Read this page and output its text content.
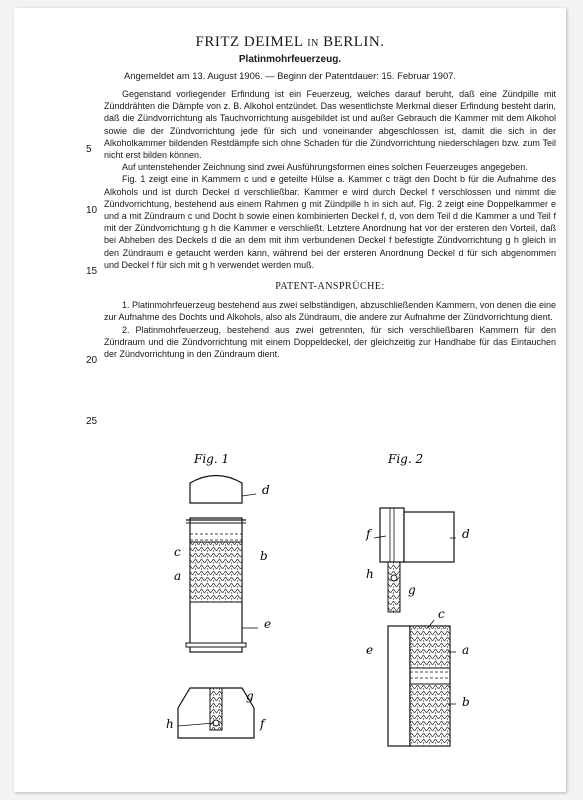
FRITZ DEIMEL IN BERLIN.
Platinmohrfeuerzeug.
Angemeldet am 13. August 1906. — Beginn der Patentdauer: 15. Februar 1907.
5
10
15
20
25

Gegenstand vorliegender Erfindung ist ein Feuerzeug, welches darauf beruht, daß eine Zündpille mit Zünddrähten die Dämpfe von z. B. Alkohol entzündet. Das wesentlichste Merkmal dieser Erfindung besteht darin, daß die Zündvorrichtung als Tauchvorrichtung ausgebildet ist und außer Gebrauch die Kammer mit dem Alkohol sowie die der Zündvorrichtung jede für sich und voneinander abgeschlossen ist, damit die sich in der Alkoholkammer bildenden Restdämpfe sich ohne Schaden für die Zündvorrichtung niederschlagen bzw. zum Teil nicht erst bilden können.

Auf untenstehender Zeichnung sind zwei Ausführungsformen eines solchen Feuerzeuges angegeben.

Fig. 1 zeigt eine in Kammern c und e geteilte Hülse a. Kammer c trägt den Docht b für die Aufnahme des Alkohols und ist durch Deckel d verschließbar. Kammer e wird durch Deckel f verschlossen und nimmt die Zündvorrichtung, bestehend aus einem Rahmen g mit Zündpille h in sich auf. Fig. 2 zeigt eine Doppelkammer e und a mit Zündraum c und Docht b sowie einen kombinierten Deckel f, d, von dem Teil d die Kammer a und Teil f mit der Zündvorrichtung g h die Kammer e verschließt. Letztere Anordnung hat vor der ersteren den Vorteil, daß bei Abheben des Deckels d die an dem mit ihm verbundenen Deckel f befestigte Zündvorrichtung g h gleich in den Zündraum e getaucht werden kann, während bei der ersteren Anordnung Deckel d für sich abgenommen und Deckel f für sich mit g h verwendet werden muß.

PATENT-ANSPRÜCHE:

1. Platinmohrfeuerzeug bestehend aus zwei selbständigen, abzuschließenden Kammern, von denen die eine zur Aufnahme des Dochts und Alkohols, also als Zündraum, die andere zur Aufnahme der Zündvorrichtung dient.

2. Platinmohrfeuerzeug, bestehend aus zwei getrennten, für sich verschließbaren Kammern für den Zündraum und die Zündvorrichtung mit einem Doppeldeckel, der gleichzeitig zur Handhabe für das Eintauchen der Zündvorrichtung in den Zündraum dient.

Fig. 1
d
c
a
b
e
g
h	f
Fig. 2
f	d
h
g
c
e	a
b
